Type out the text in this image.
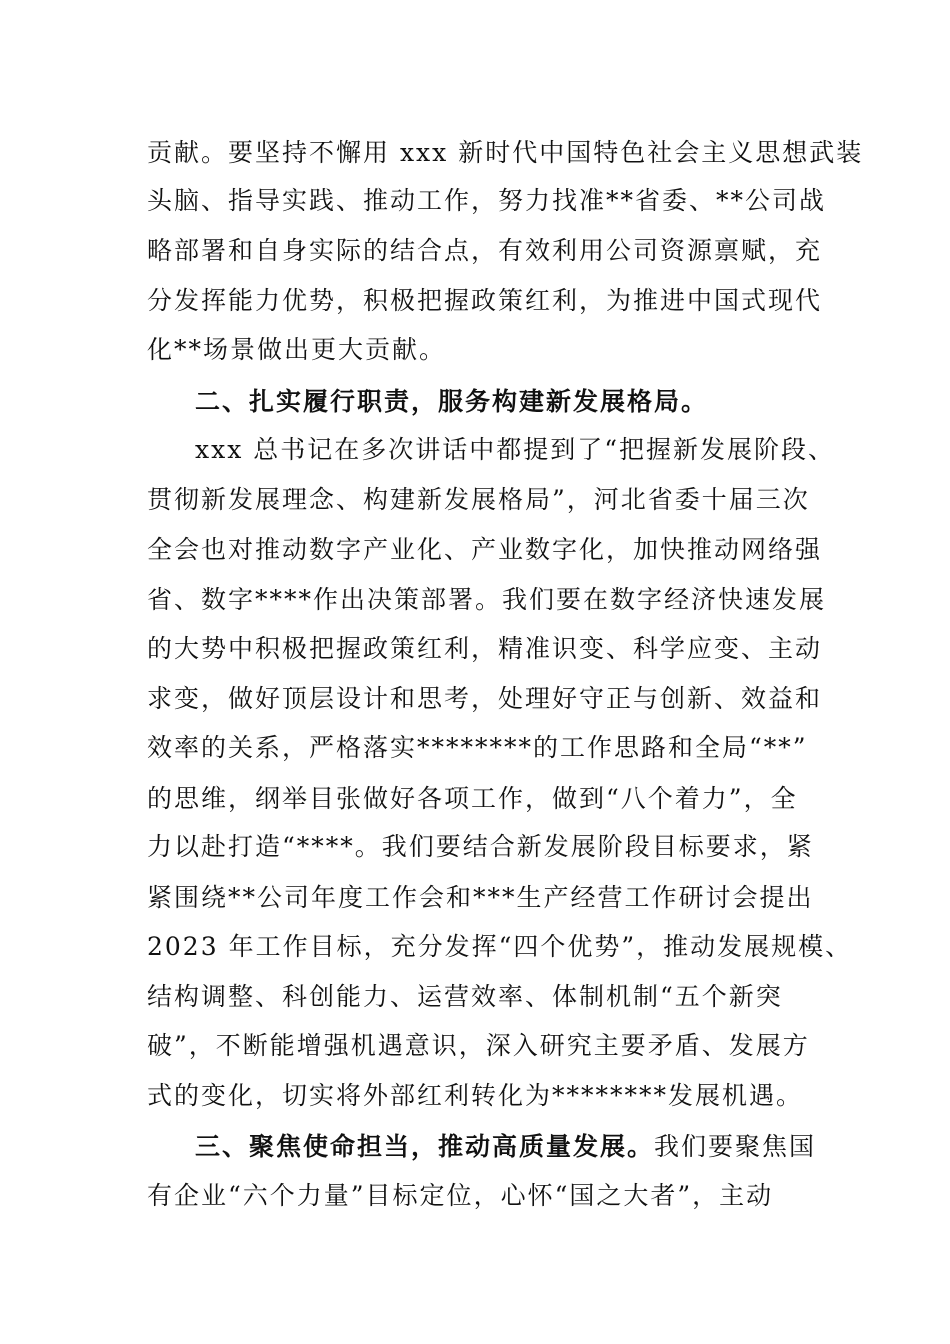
贡献。要坚持不懈用 xxx 新时代中国特色社会主义思想武装
头脑、指导实践、推动工作，努力找准**省委、**公司战
略部署和自身实际的结合点，有效利用公司资源禀赋，充
分发挥能力优势，积极把握政策红利，为推进中国式现代
化**场景做出更大贡献。
二、扎实履行职责，服务构建新发展格局。
xxx 总书记在多次讲话中都提到了“把握新发展阶段、
贯彻新发展理念、构建新发展格局”，河北省委十届三次
全会也对推动数字产业化、产业数字化，加快推动网络强
省、数字****作出决策部署。我们要在数字经济快速发展
的大势中积极把握政策红利，精准识变、科学应变、主动
求变，做好顶层设计和思考，处理好守正与创新、效益和
效率的关系，严格落实********的工作思路和全局“**”
的思维，纲举目张做好各项工作，做到“八个着力”，全
力以赴打造“****。我们要结合新发展阶段目标要求，紧
紧围绕**公司年度工作会和***生产经营工作研讨会提出
2023 年工作目标，充分发挥“四个优势”，推动发展规模、
结构调整、科创能力、运营效率、体制机制“五个新突
破”，不断能增强机遇意识，深入研究主要矛盾、发展方
式的变化，切实将外部红利转化为********发展机遇。
三、聚焦使命担当，推动高质量发展。我们要聚焦国
有企业“六个力量”目标定位，心怀“国之大者”，主动
